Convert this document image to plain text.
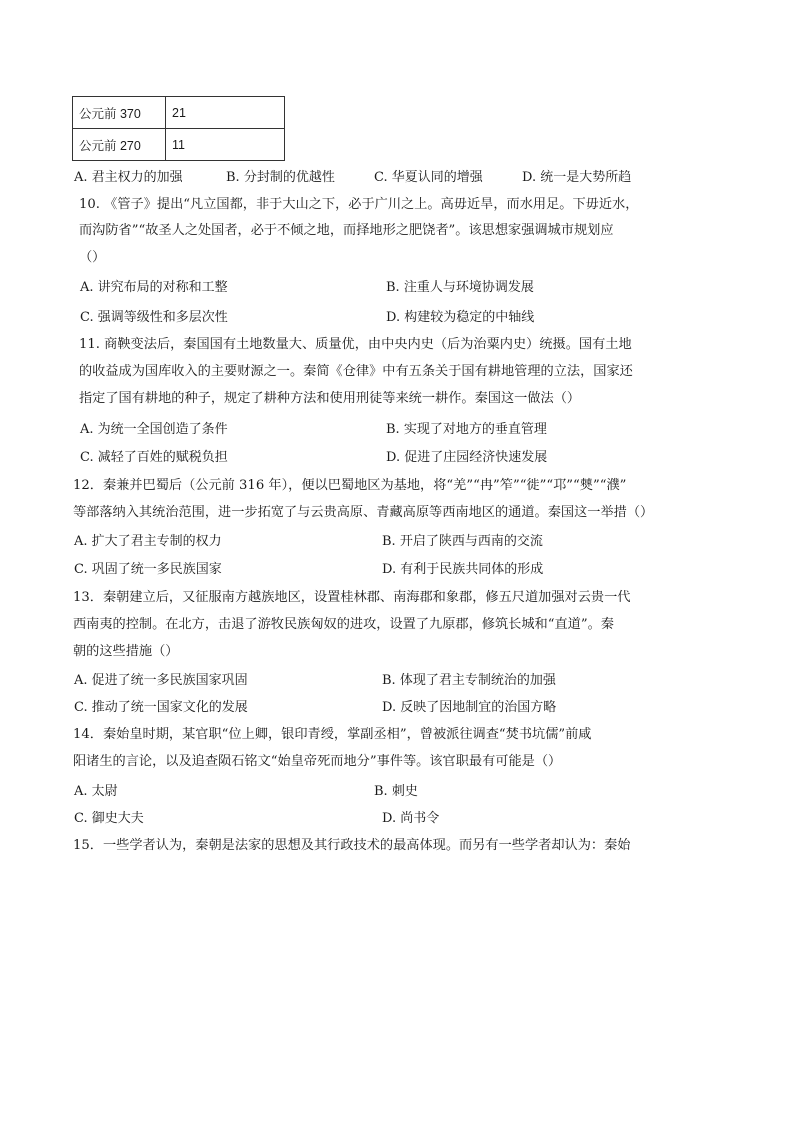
公元前 370	21
公元前 270	11
A. 君主权力的加强	B. 分封制的优越性	C. 华夏认同的增强	D. 统一是大势所趋
10. 《管子》提出“凡立国都，非于大山之下，必于广川之上。高毋近旱，而水用足。下毋近水，
而沟防省”“故圣人之处国者，必于不倾之地，而择地形之肥饶者”。该思想家强调城市规划应
（）
A. 讲究布局的对称和工整	B. 注重人与环境协调发展
C. 强调等级性和多层次性	D. 构建较为稳定的中轴线
11. 商鞅变法后，秦国国有土地数量大、质量优，由中央内史（后为治粟内史）统摄。国有土地
的收益成为国库收入的主要财源之一。秦简《仓律》中有五条关于国有耕地管理的立法，国家还
指定了国有耕地的种子，规定了耕种方法和使用刑徒等来统一耕作。秦国这一做法（）
A. 为统一全国创造了条件	B. 实现了对地方的垂直管理
C. 减轻了百姓的赋税负担	D. 促进了庄园经济快速发展
12．秦兼并巴蜀后（公元前 316 年），便以巴蜀地区为基地，将“羌”“冉”笮”“徙”“邛”“僰”“濮”
等部落纳入其统治范围，进一步拓宽了与云贵高原、青藏高原等西南地区的通道。秦国这一举措（）
A. 扩大了君主专制的权力	B. 开启了陕西与西南的交流
C. 巩固了统一多民族国家	D. 有利于民族共同体的形成
13．秦朝建立后，又征服南方越族地区，设置桂林郡、南海郡和象郡，修五尺道加强对云贵一代
西南夷的控制。在北方，击退了游牧民族匈奴的进攻，设置了九原郡，修筑长城和“直道”。秦
朝的这些措施（）
A. 促进了统一多民族国家巩固	B. 体现了君主专制统治的加强
C. 推动了统一国家文化的发展	D. 反映了因地制宜的治国方略
14．秦始皇时期，某官职“位上卿，银印青绶，掌副丞相”，曾被派往调查“焚书坑儒”前咸
阳诸生的言论，以及追查陨石铭文“始皇帝死而地分”事件等。该官职最有可能是（）
A. 太尉	B. 刺史
C. 御史大夫	D. 尚书令
15．一些学者认为，秦朝是法家的思想及其行政技术的最高体现。而另有一些学者却认为：秦始
